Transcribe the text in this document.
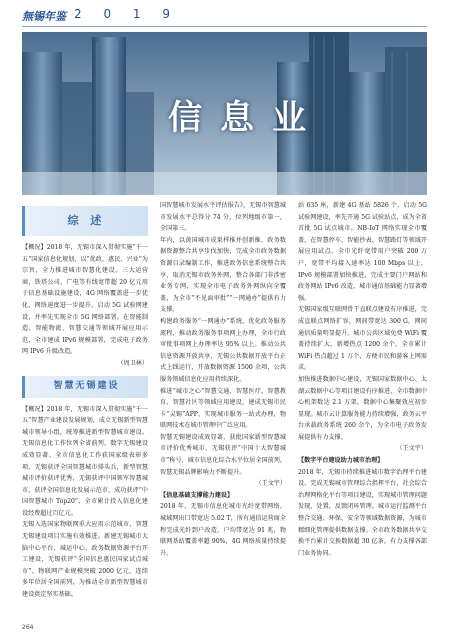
無锡年鉴 2 0 1 9
信息业
综 述

【概况】2018 年，无锡市深入贯彻实施“千一五”国家信息化规划，以“优政、惠民、兴业”为宗旨，全力推进城市智慧化建设。三大运营商，铁塔公司、广电等有线宽带超 20 亿元用于信息基础设施建设，4G 网络覆盖进一步优化，网络速度进一步提升。启动 5G 试验网建设，并率先实现全市 5G 网络部署。在智能制造、智能物流、智慧交通等领域开展应用示范，全市建成 IPv6 规模部署，完成电子政务网 IPv6 升级改造。

（周卫林）

智慧无锡建设

【概况】2018 年，无锡市深入贯彻实施“千一五”智慧产业建设发展规划，成立无锡新型智慧城市领导小组，统筹推进新型智慧城市建设。无锡信息化工作位列全省前列，数字无锡建设成效显著。全市信息化工作获国家级表彰多项，无锡获评全国智慧城市排头兵，新型智慧城市评价获评优秀，无锡获评中国领军智慧城市，获评全国信息化发展示范市，成功获评“中国智慧城市 Top20”，全市累计投入信息化建设经费超过百亿元。

无锡入选国家物联网重大应用示范城市，智慧无锡建设项目实施有效推进。新建无锡城市大脑中心平台，城运中心、政务数据资源平台开工建设，无锡获评“全国信息惠民国家试点城市”，物联网产业规模突破 2000 亿元，连续多年位居全国前列，为推动全市新型智慧城市建设奠定坚实基础。

国智慧城市发展水平评估报告》，无锡市智慧城市发展水平总得分 74 分，位列地级市第一，全国第三。

年内，以黄国城市成果样推并创新推，政务数据资源整合共享步伐加快，完成全市政务数据资源目录编制工作，推进政务信息系统整合共享，取消无锡市政务外网，整合各部门非涉密业务专网，实现全市电子政务外网纵向全覆盖，为全市“不见面审批”“一网通办”提供有力支撑。

构建政务服务“一网通办”系统，优化政务服务流程，推动政务服务事项网上办理，全市行政审批事项网上办理率达 95% 以上。推动公共信息资源开放共享，无锡公共数据开放平台正式上线运行，开放数据资源 1500 余项，公共服务领域信息化应用持续深化。

推进“城市之心”智慧交通、智慧医疗、智慧教育、智慧社区等领域应用建设，建成无锡市民卡“灵锡”APP，实现城市服务一站式办理，物联网技术在城市管理中广泛应用。

智慧无锡建设成效显著，获批国家新型智慧城市评价优秀城市，无锡获评“中国十大智慧城市”称号，城市信息化综合水平位居全国前列，智慧无锡品牌影响力不断提升。

（王文宇）

【信息基础支撑能力建设】

2018 年，无锡市信息化城市光纤宽带网络、城域网出口带宽达 5.02 T，所有通信运营商全程完成光纤到户改造，户均带宽达 91 兆，物联网基站覆盖率超 90%，4G 网络质量持续提升。

站 635 座，新建 4G 基站 5826 个，启动 5G 试验网建设，率先开通 5G 试验站点，成为全省首批 5G 试点城市。NB-IoT 网络实现全市覆盖，在智慧停车、智能抄表、智慧路灯等领域开展应用试点。全市光纤宽带用户突破 200 万户，宽带平均接入速率达 100 Mbps 以上，IPv6 规模部署加快推进，完成主要门户网站和政务网站 IPv6 改造，城市通信基础能力显著增强。

无锡国家级互联网骨干直联点建设有序推进，完成直联点网络扩容，网间带宽达 300 G，网间通信质量明显提升。城市公共区域免费 WiFi 覆盖持续扩大，新增热点 1200 余个，全市累计 WiFi 热点超过 1 万个，方便市民和游客上网需求。

加快推进数据中心建设，无锡国家数据中心、太湖云数据中心等项目建设有序推进，全市数据中心机架数达 2.1 万架，数据中心集聚效应初步显现。城市云计算服务能力持续增强，政务云平台承载政务系统 260 余个，为全市电子政务发展提供有力支撑。

（王文宇）

【数字平台建设助力城市治理】

2018 年，无锡市持续推进城市数字治理平台建设，完成无锡城市管理综合指挥平台、社会综合治理网格化平台等项目建设，实现城市管理问题发现、处置、反馈闭环管理。城市运行监测平台整合交通、环保、安全等领域数据资源，为城市精细化管理提供数据支撑。全市政务数据共享交换平台累计交换数据超 30 亿条，有力支撑各部门业务协同。

264
